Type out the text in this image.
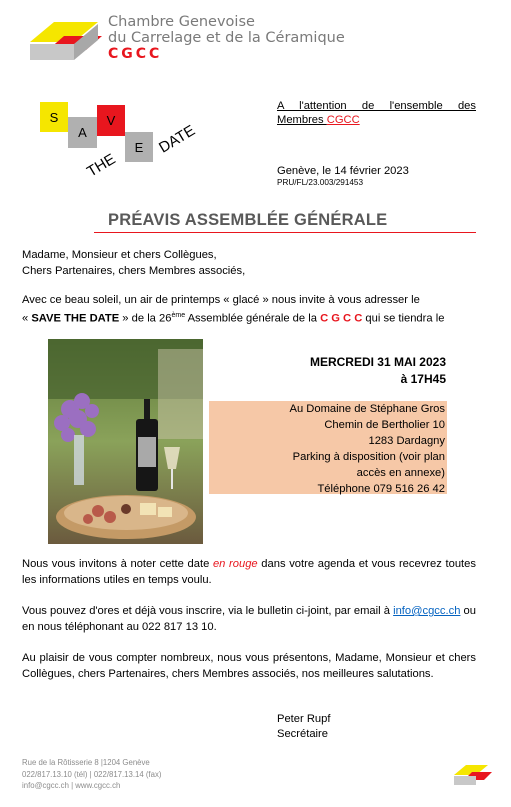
Chambre Genevoise
du Carrelage et de la Céramique
CGCC
S
A
V
E
THE
DATE
A l'attention de l'ensemble des Membres CGCC
Genève, le 14 février 2023
PRU/FL/23.003/291453
PRÉAVIS ASSEMBLÉE GÉNÉRALE
Madame, Monsieur et chers Collègues,
Chers Partenaires, chers Membres associés,
Avec ce beau soleil, un air de printemps « glacé » nous invite à vous adresser le
« SAVE THE DATE » de la 26ème Assemblée générale de la C G C C qui se tiendra le
MERCREDI 31 MAI 2023
à 17H45
Au Domaine de Stéphane Gros
Chemin de Bertholier 10
1283 Dardagny
Parking à disposition (voir plan
accès en annexe)
Téléphone 079 516 26 42
Nous vous invitons à noter cette date en rouge dans votre agenda et vous recevrez toutes les informations utiles en temps voulu.
Vous pouvez d'ores et déjà vous inscrire, via le bulletin ci-joint, par email à info@cgcc.ch ou en nous téléphonant au 022 817 13 10.
Au plaisir de vous compter nombreux, nous vous présentons, Madame, Monsieur et chers Collègues, chers Partenaires, chers Membres associés, nos meilleures salutations.
Peter Rupf
Secrétaire
Rue de la Rôtisserie 8 |1204 Genève
022/817.13.10 (tél) | 022/817.13.14 (fax)
info@cgcc.ch | www.cgcc.ch
